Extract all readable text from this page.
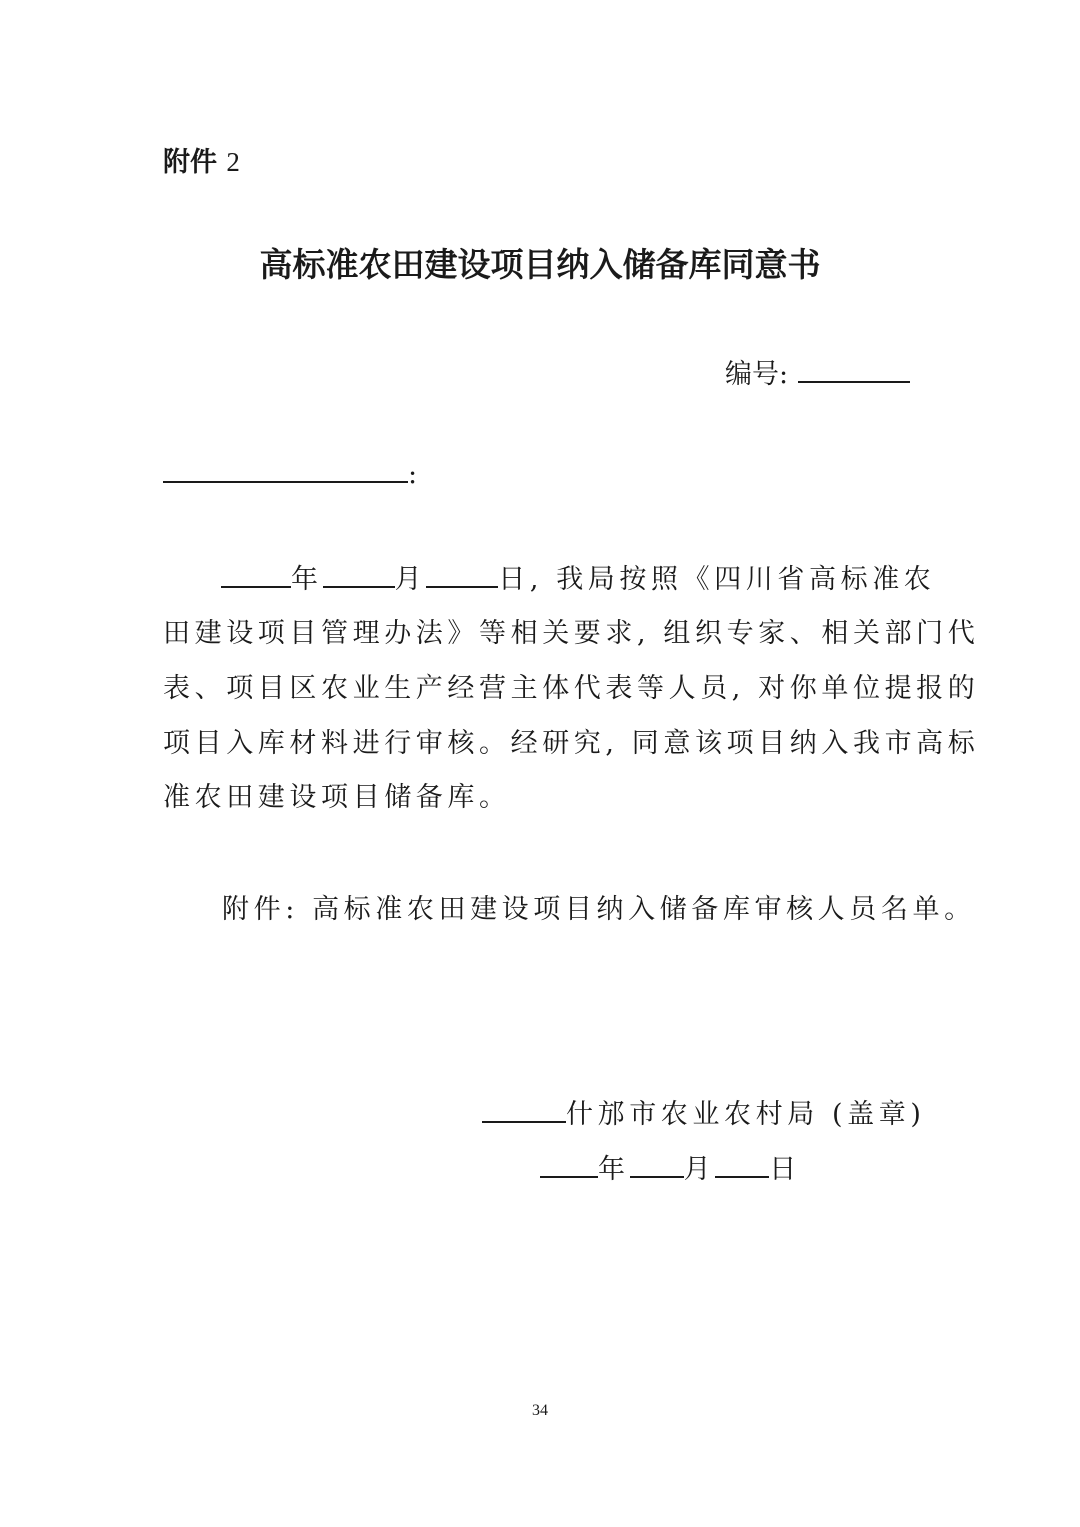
附件 2
高标准农田建设项目纳入储备库同意书
编号:
:
年	月	日, 我局按照《四川省高标准农
田建设项目管理办法》等相关要求, 组织专家、相关部门代
表、项目区农业生产经营主体代表等人员, 对你单位提报的
项目入库材料进行审核。经研究, 同意该项目纳入我市高标
准农田建设项目储备库。
附件: 高标准农田建设项目纳入储备库审核人员名单。
什邡市农业农村局 (盖章)
年 月 日
34
